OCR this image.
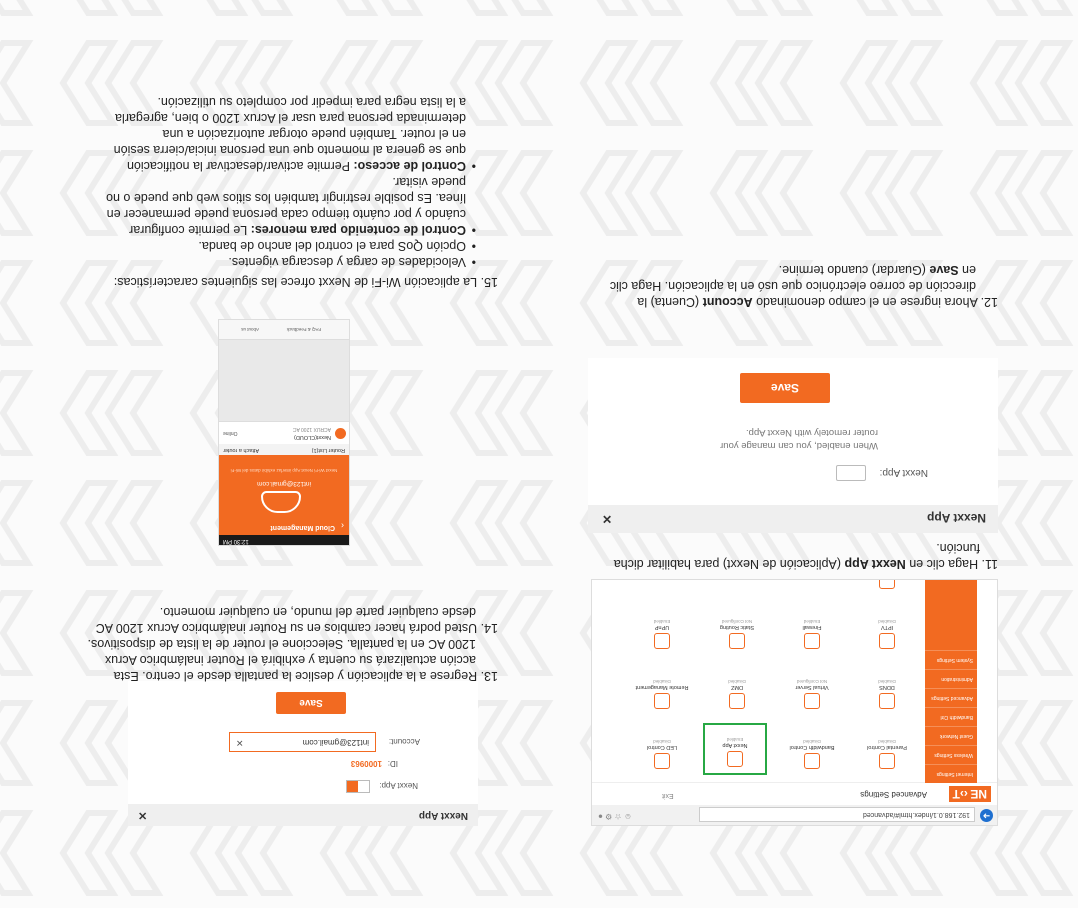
➜
192.168.0.1/index.html#/advanced
☺ ☆ ⚙ ●
NE ‹›T
Advanced Settings
Exit
Internet Settings
Wireless Settings
Guest Network
Bandwidth Ctrl
Advanced Settings
Administration
System Settings
Parental Control
Disabled
Bandwidth Control
Disabled
Nexxt App
Enabled
LED Control
Disabled
DDNS
Disabled
Virtual Server
Not Configured
DMZ
Disabled
Remote Management
Disabled
IPTV
Disabled
Firewall
Enabled
Static Routing
Not Configured
UPnP
Enabled
12:30 PM
‹
Cloud Management
int123@gmail.com
Nexxt Wi-Fi Nexxt App interfaz exhibir datos del Wi-Fi
Router List(1)
Attach a router
Nexxt(CLOUD)
ACRUX 1200 AC
Online
FAQ & Feedback
About us
Nexxt App
✕
Nexxt App:
When enabled, you can manage your
router remotely with Nexxt App.
Save
Nexxt App
✕
Nexxt App:
ID:
1000963
Account:
int123@gmail.com
✕
Save
11. Haga clic en Nexxt App (Aplicación de Nexxt) para habilitar dicha
función.
12. Ahora ingrese en el campo denominado Account (Cuenta) la
dirección de correo electrónico que usó en la aplicación. Haga clic
en Save (Guardar) cuando termine.
13. Regrese a la aplicación y deslice la pantalla desde el centro. Esta
acción actualizará su cuenta y exhibirá el Router inalámbrico Acrux
1200 AC en la pantalla. Seleccione el router de la lista de dispositivos.
14. Usted podrá hacer cambios en su Router inalámbrico Acrux 1200 AC
desde cualquier parte del mundo, en cualquier momento.
15. La aplicación Wi-Fi de Nexxt ofrece las siguientes características:
• Velocidades de carga y descarga vigentes.
• Opción QoS para el control del ancho de banda.
• Control de contenido para menores: Le permite configurar
cuándo y por cuánto tiempo cada persona puede permanecer en
línea. Es posible restringir también los sitios web que puede o no
puede visitar.
• Control de acceso: Permite activar/desactivar la notificación
que se genera al momento que una persona inicia/cierra sesión
en el router. También puede otorgar autorización a una
determinada persona para usar el Acrux 1200 o bien, agregarla
a la lista negra para impedir por completo su utilización.
